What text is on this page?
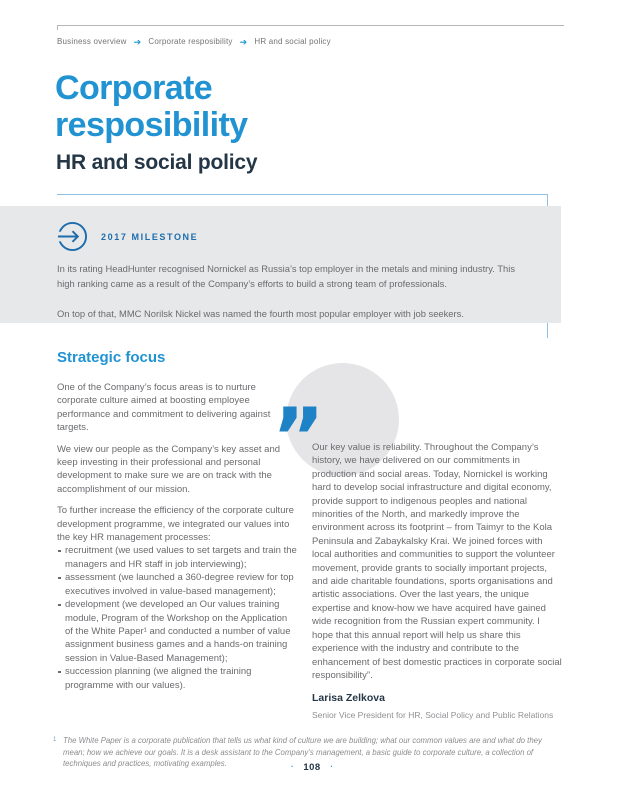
Business overview ➔ Corporate resposibility ➔ HR and social policy
Corporate resposibility
HR and social policy
2017 MILESTONE

In its rating HeadHunter recognised Nornickel as Russia’s top employer in the metals and mining industry. This high ranking came as a result of the Company’s efforts to build a strong team of professionals.

On top of that, MMC Norilsk Nickel was named the fourth most popular employer with job seekers.

Strategic focus

One of the Company’s focus areas is to nurture corporate culture aimed at boosting employee performance and commitment to delivering against targets.

We view our people as the Company’s key asset and keep investing in their professional and personal development to make sure we are on track with the accomplishment of our mission.

To further increase the efficiency of the corporate culture development programme, we integrated our values into the key HR management processes:

recruitment (we used values to set targets and train the managers and HR staff in job interviewing);
assessment (we launched a 360-degree review for top executives involved in value-based management);
development (we developed an Our values training module, Program of the Workshop on the Application of the White Paper¹ and conducted a number of value assignment business games and a hands-on training session in Value-Based Management);
succession planning (we aligned the training programme with our values).
”

Our key value is reliability. Throughout the Company’s history, we have delivered on our commitments in production and social areas. Today, Nornickel is working hard to develop social infrastructure and digital economy, provide support to indigenous peoples and national minorities of the North, and markedly improve the environment across its footprint – from Taimyr to the Kola Peninsula and Zabaykalsky Krai. We joined forces with local authorities and communities to support the volunteer movement, provide grants to socially important projects, and aide charitable foundations, sports organisations and artistic associations. Over the last years, the unique expertise and know-how we have acquired have gained wide recognition from the Russian expert community. I hope that this annual report will help us share this experience with the industry and contribute to the enhancement of best domestic practices in corporate social responsibility”.

Larisa Zelkova
Senior Vice President for HR, Social Policy and Public Relations
1 The White Paper is a corporate publication that tells us what kind of culture we are building; what our common values are and what do they mean; how we achieve our goals. It is a desk assistant to the Company’s management, a basic guide to corporate culture, a collection of techniques and practices, motivating examples.	· 108 ·
